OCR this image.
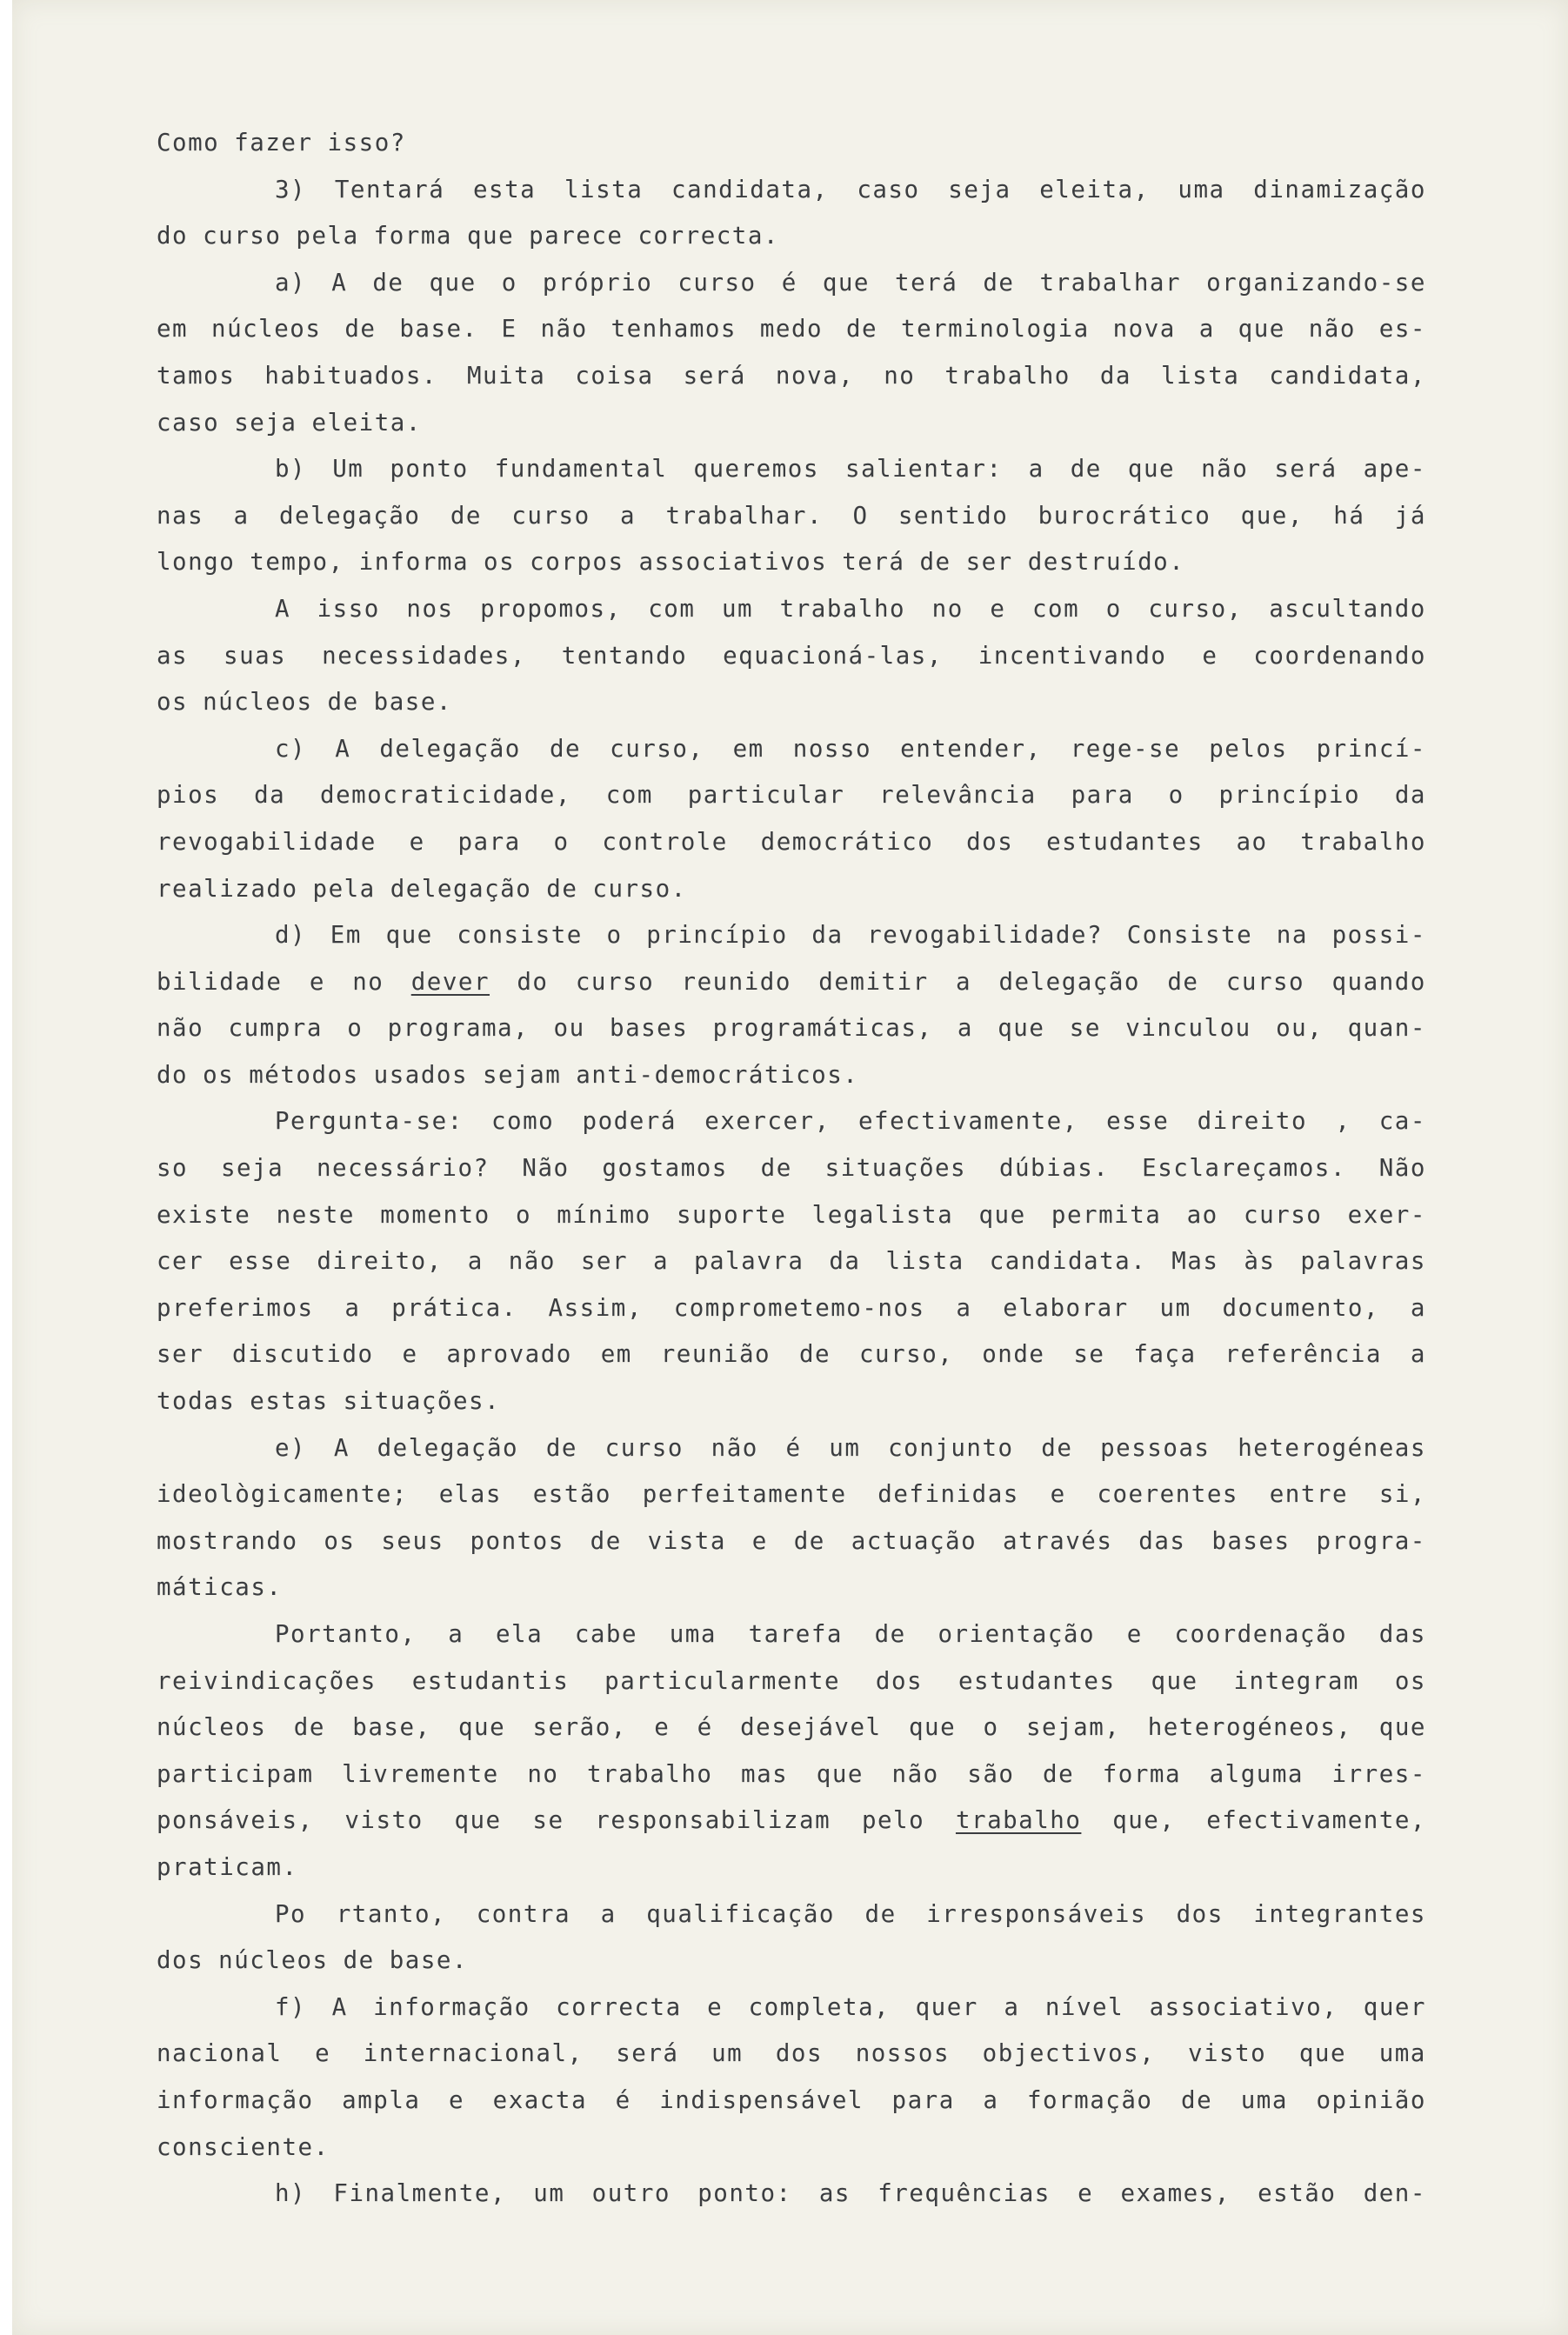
Como fazer isso?
3) Tentará esta lista candidata, caso seja eleita, uma dinamização
do curso pela forma que parece correcta.
a) A de que o próprio curso é que terá de trabalhar organizando-se
em núcleos de base. E não tenhamos medo de terminologia nova a que não es-
tamos habituados. Muita coisa será nova, no trabalho da lista candidata,
caso seja eleita.
b) Um ponto fundamental queremos salientar: a de que não será ape-
nas a delegação de curso a trabalhar. O sentido burocrático que, há já
longo tempo, informa os corpos associativos terá de ser destruído.
A isso nos propomos, com um trabalho no e com o curso, ascultando
as suas necessidades, tentando equacioná-las, incentivando e coordenando
os núcleos de base.
c) A delegação de curso, em nosso entender, rege-se pelos princí-
pios da democraticidade, com particular relevância para o princípio da
revogabilidade e para o controle democrático dos estudantes ao trabalho
realizado pela delegação de curso.
d) Em que consiste o princípio da revogabilidade? Consiste na possi-
bilidade e no dever do curso reunido demitir a delegação de curso quando
não cumpra o programa, ou bases programáticas, a que se vinculou ou, quan-
do os métodos usados sejam anti-democráticos.
Pergunta-se: como poderá exercer, efectivamente, esse direito , ca-
so seja necessário? Não gostamos de situações dúbias. Esclareçamos. Não
existe neste momento o mínimo suporte legalista que permita ao curso exer-
cer esse direito, a não ser a palavra da lista candidata. Mas às palavras
preferimos a prática. Assim, comprometemo-nos a elaborar um documento, a
ser discutido e aprovado em reunião de curso, onde se faça referência a
todas estas situações.
e) A delegação de curso não é um conjunto de pessoas heterogéneas
ideològicamente; elas estão perfeitamente definidas e coerentes entre si,
mostrando os seus pontos de vista e de actuação através das bases progra-
máticas.
Portanto, a ela cabe uma tarefa de orientação e coordenação das
reivindicações estudantis particularmente dos estudantes que integram os
núcleos de base, que serão, e é desejável que o sejam, heterogéneos, que
participam livremente no trabalho mas que não são de forma alguma irres-
ponsáveis, visto que se responsabilizam pelo trabalho que, efectivamente,
praticam.
Po rtanto, contra a qualificação de irresponsáveis dos integrantes
dos núcleos de base.
f) A informação correcta e completa, quer a nível associativo, quer
nacional e internacional, será um dos nossos objectivos, visto que uma
informação ampla e exacta é indispensável para a formação de uma opinião
consciente.
h) Finalmente, um outro ponto: as frequências e exames, estão den-
